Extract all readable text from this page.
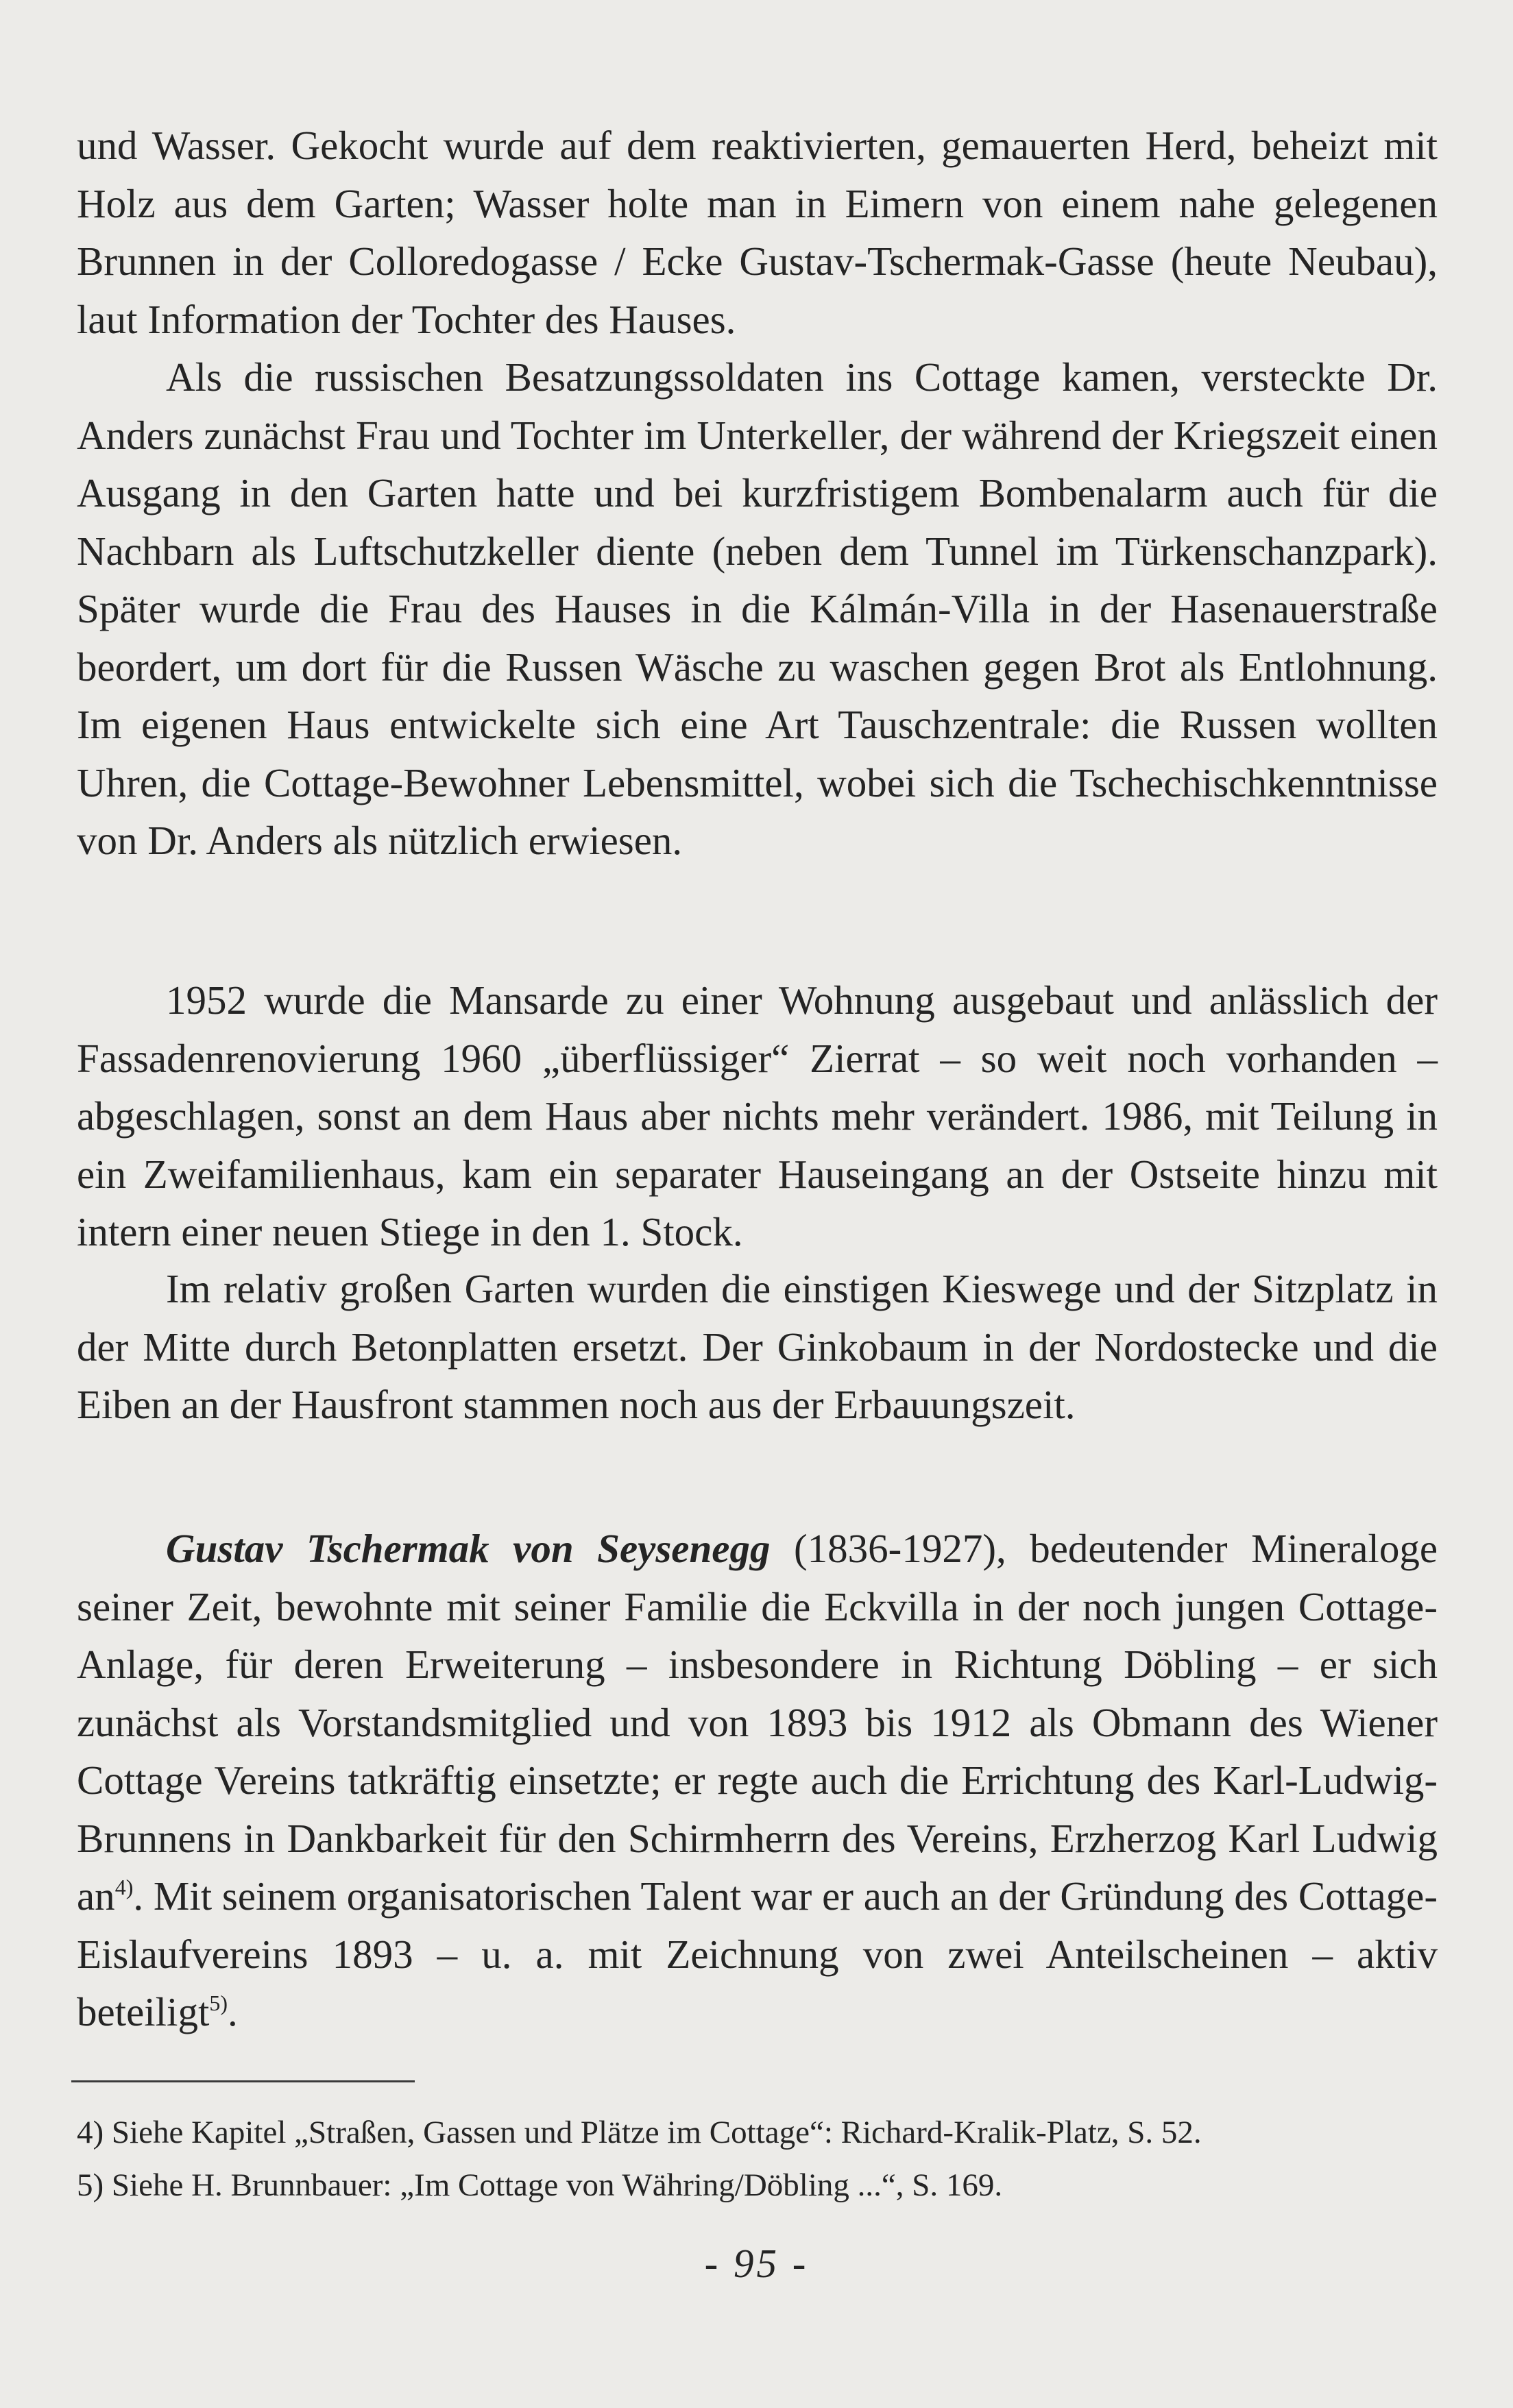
und Wasser. Gekocht wurde auf dem reaktivierten, gemauerten Herd, beheizt mit Holz aus dem Garten; Wasser holte man in Eimern von einem nahe gelegenen Brunnen in der Colloredogasse / Ecke Gustav-Tschermak-Gasse (heute Neubau), laut Information der Tochter des Hauses.

Als die russischen Besatzungssoldaten ins Cottage kamen, versteckte Dr. Anders zunächst Frau und Tochter im Unterkeller, der während der Kriegszeit einen Ausgang in den Garten hatte und bei kurzfristigem Bombenalarm auch für die Nachbarn als Luftschutzkeller diente (neben dem Tunnel im Türkenschanzpark). Später wurde die Frau des Hauses in die Kálmán-Villa in der Hasenauerstraße beordert, um dort für die Russen Wäsche zu waschen gegen Brot als Entlohnung. Im eigenen Haus entwickelte sich eine Art Tauschzentrale: die Russen wollten Uhren, die Cottage-Bewohner Lebensmittel, wobei sich die Tschechischkenntnisse von Dr. Anders als nützlich erwiesen.

1952 wurde die Mansarde zu einer Wohnung ausgebaut und anlässlich der Fassadenrenovierung 1960 „überflüssiger“ Zierrat – so weit noch vorhanden – abgeschlagen, sonst an dem Haus aber nichts mehr verändert. 1986, mit Teilung in ein Zweifamilienhaus, kam ein separater Hauseingang an der Ostseite hinzu mit intern einer neuen Stiege in den 1. Stock.

Im relativ großen Garten wurden die einstigen Kieswege und der Sitzplatz in der Mitte durch Betonplatten ersetzt. Der Ginkobaum in der Nordostecke und die Eiben an der Hausfront stammen noch aus der Erbauungszeit.

Gustav Tschermak von Seysenegg (1836-1927), bedeutender Mineraloge seiner Zeit, bewohnte mit seiner Familie die Eckvilla in der noch jungen Cottage-Anlage, für deren Erweiterung – insbesondere in Richtung Döbling – er sich zunächst als Vorstandsmitglied und von 1893 bis 1912 als Obmann des Wiener Cottage Vereins tatkräftig einsetzte; er regte auch die Errichtung des Karl-Ludwig-Brunnens in Dankbarkeit für den Schirmherrn des Vereins, Erzherzog Karl Ludwig $an^{4)}$. Mit seinem organisatorischen Talent war er auch an der Gründung des Cottage-Eislaufvereins 1893 – u. a. mit Zeichnung von zwei Anteilscheinen – aktiv beteiligt$^{5)}$.

4) Siehe Kapitel „Straßen, Gassen und Plätze im Cottage“: Richard-Kralik-Platz, S. 52.
5) Siehe H. Brunnbauer: „Im Cottage von Währing/Döbling ...“, S. 169.
- 95 -
